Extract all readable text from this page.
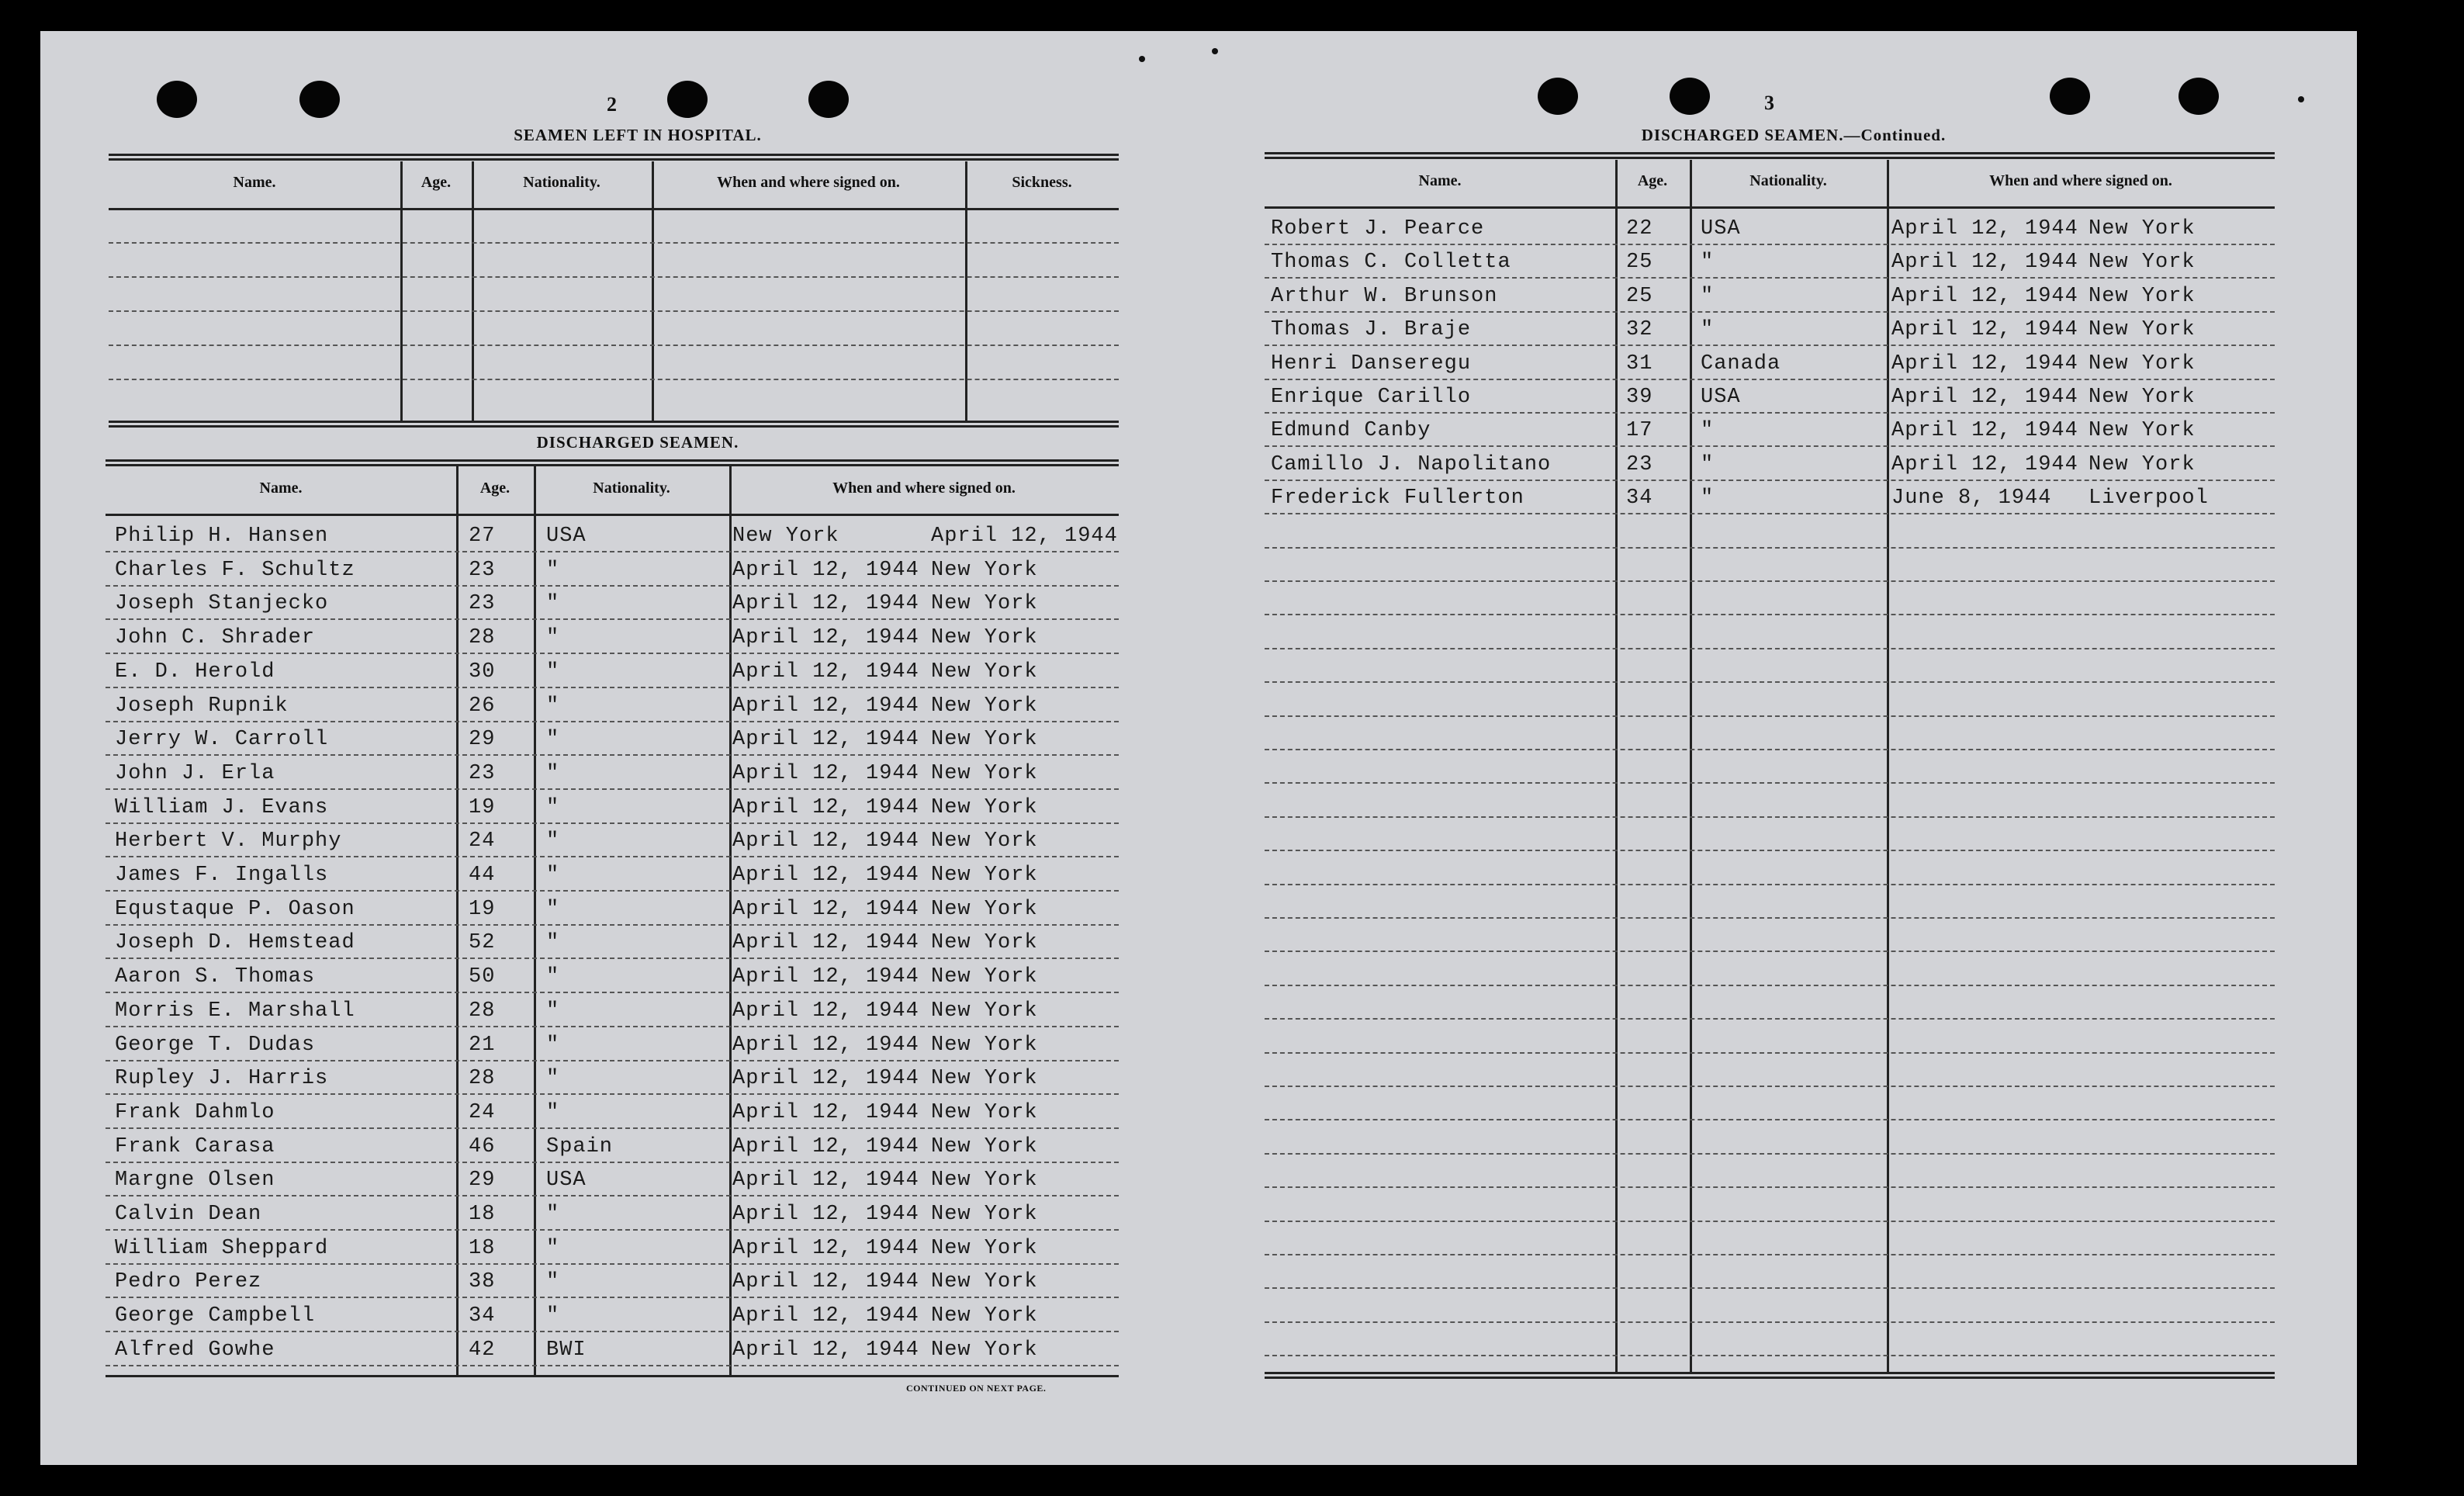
2
SEAMEN LEFT IN HOSPITAL.
Name.	Age.	Nationality.	When and where signed on.	Sickness.
DISCHARGED SEAMEN.
Name.	Age.	Nationality.	When and where signed on.
Philip H. Hansen	27 USA	New York	April 12, 1944
Charles F. Schultz	23 "	April 12, 1944 New York
Joseph Stanjecko	23 "	April 12, 1944 New York
John C. Shrader	28 "	April 12, 1944 New York
E. D. Herold	30 "	April 12, 1944 New York
Joseph Rupnik	26 "	April 12, 1944 New York
Jerry W. Carroll	29 "	April 12, 1944 New York
John J. Erla	23 "	April 12, 1944 New York
William J. Evans	19 "	April 12, 1944 New York
Herbert V. Murphy	24 "	April 12, 1944 New York
James F. Ingalls	44 "	April 12, 1944 New York
Equstaque P. Oason	19 "	April 12, 1944 New York
Joseph D. Hemstead	52 "	April 12, 1944 New York
Aaron S. Thomas	50 "	April 12, 1944 New York
Morris E. Marshall	28 "	April 12, 1944 New York
George T. Dudas	21 "	April 12, 1944 New York
Rupley J. Harris	28 "	April 12, 1944 New York
Frank Dahmlo	24 "	April 12, 1944 New York
Frank Carasa	46 Spain	April 12, 1944 New York
Margne Olsen	29 USA	April 12, 1944 New York
Calvin Dean	18 "	April 12, 1944 New York
William Sheppard	18 "	April 12, 1944 New York
Pedro Perez	38 "	April 12, 1944 New York
George Campbell	34 "	April 12, 1944 New York
Alfred Gowhe	42 BWI	April 12, 1944 New York
CONTINUED ON NEXT PAGE.
3
DISCHARGED SEAMEN.—Continued.
Name.	Age.	Nationality.	When and where signed on.
Robert J. Pearce	22 USA	April 12, 1944 New York
Thomas C. Colletta	25 "	April 12, 1944 New York
Arthur W. Brunson	25 "	April 12, 1944 New York
Thomas J. Braje	32 "	April 12, 1944 New York
Henri Danseregu	31 Canada	April 12, 1944 New York
Enrique Carillo	39 USA	April 12, 1944 New York
Edmund Canby	17 "	April 12, 1944 New York
Camillo J. Napolitano	23 "	April 12, 1944 New York
Frederick Fullerton	34 "	June 8, 1944 Liverpool
